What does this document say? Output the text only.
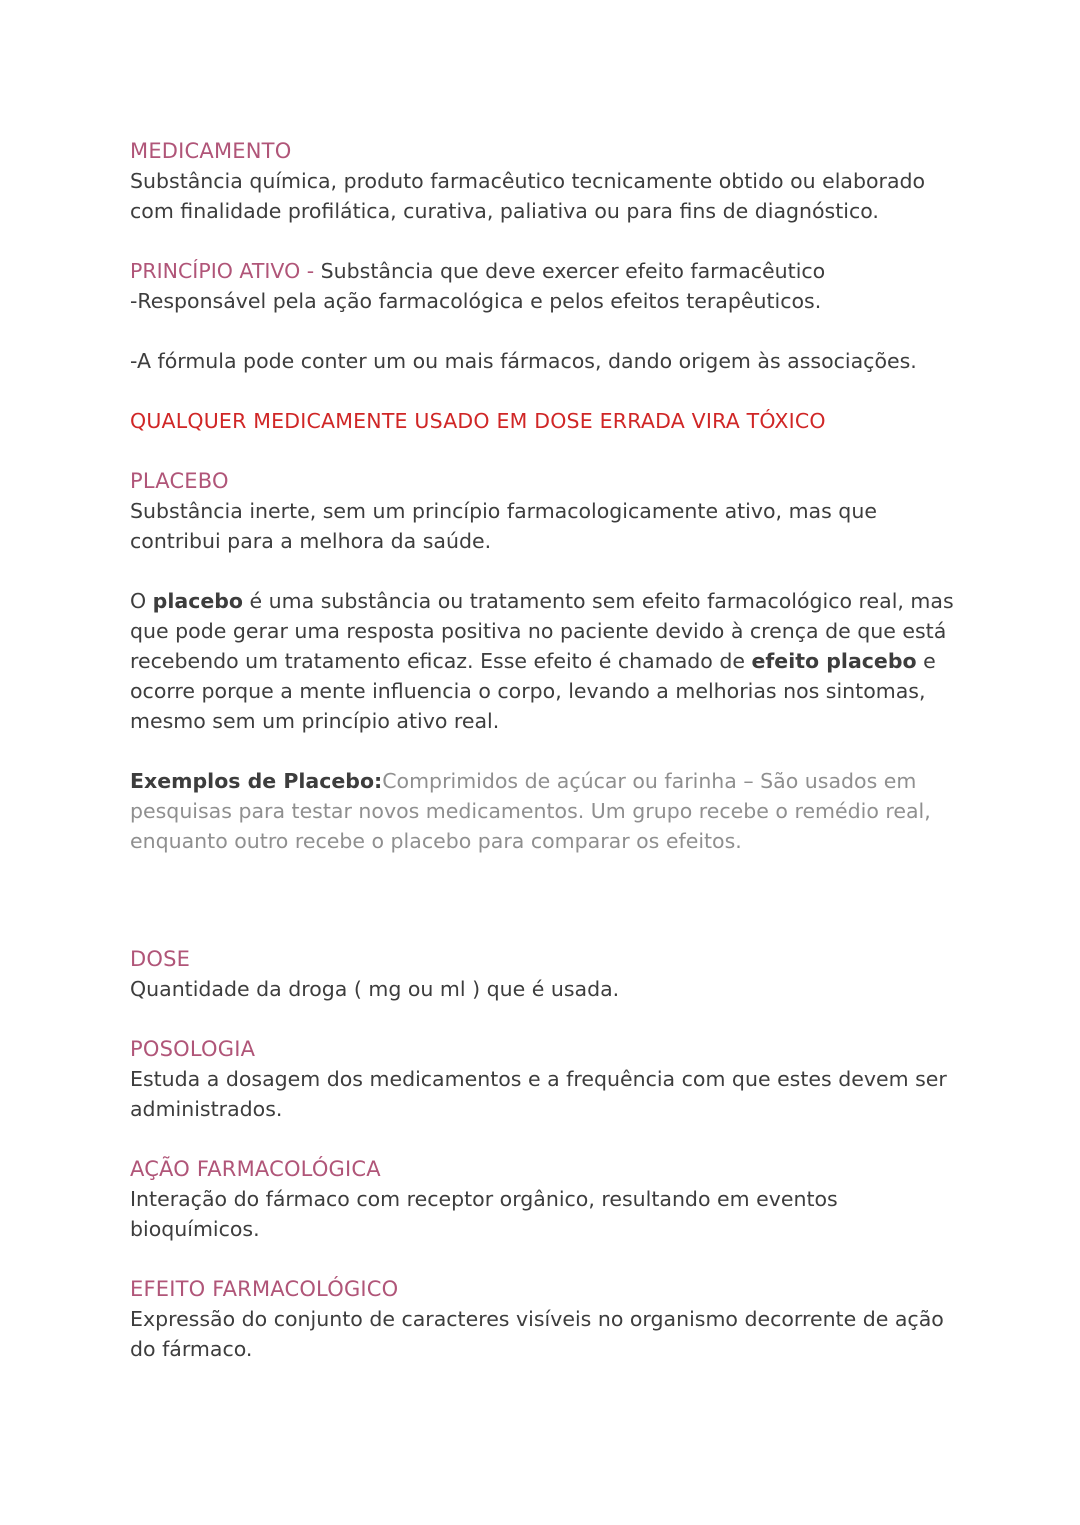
MEDICAMENTO

Substância química, produto farmacêutico tecnicamente obtido ou elaborado com finalidade profilática, curativa, paliativa ou para fins de diagnóstico.

PRINCÍPIO ATIVO - Substância que deve exercer efeito farmacêutico

-Responsável pela ação farmacológica e pelos efeitos terapêuticos.

-A fórmula pode conter um ou mais fármacos, dando origem às associações.

QUALQUER MEDICAMENTE USADO EM DOSE ERRADA VIRA TÓXICO

PLACEBO

Substância inerte, sem um princípio farmacologicamente ativo, mas que contribui para a melhora da saúde.

O placebo é uma substância ou tratamento sem efeito farmacológico real, mas que pode gerar uma resposta positiva no paciente devido à crença de que está recebendo um tratamento eficaz. Esse efeito é chamado de efeito placebo e ocorre porque a mente influencia o corpo, levando a melhorias nos sintomas, mesmo sem um princípio ativo real.

Exemplos de Placebo:Comprimidos de açúcar ou farinha – São usados em pesquisas para testar novos medicamentos. Um grupo recebe o remédio real, enquanto outro recebe o placebo para comparar os efeitos.

DOSE

Quantidade da droga ( mg ou ml ) que é usada.

POSOLOGIA

Estuda a dosagem dos medicamentos e a frequência com que estes devem ser administrados.

AÇÃO FARMACOLÓGICA

Interação do fármaco com receptor orgânico, resultando em eventos bioquímicos.

EFEITO FARMACOLÓGICO

Expressão do conjunto de caracteres visíveis no organismo decorrente de ação do fármaco.
